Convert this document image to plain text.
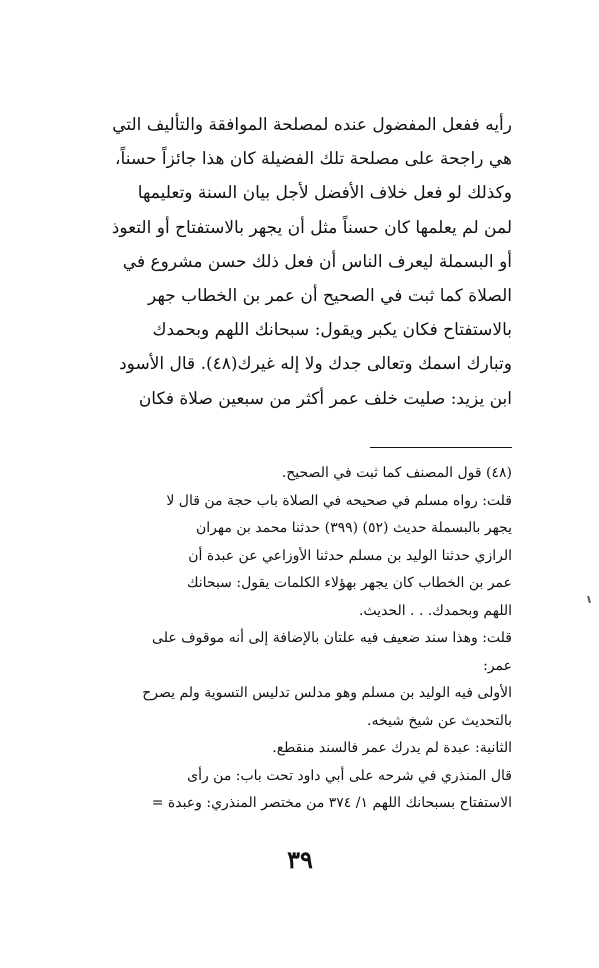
رأيه ففعل المفضول عنده لمصلحة الموافقة والتأليف التي
هي راجحة على مصلحة تلك الفضيلة كان هذا جائزاً حسناً،
وكذلك لو فعل خلاف الأفضل لأجل بيان السنة وتعليمها
لمن لم يعلمها كان حسناً مثل أن يجهر بالاستفتاح أو التعوذ
أو البسملة ليعرف الناس أن فعل ذلك حسن مشروع في
الصلاة كما ثبت في الصحيح أن عمر بن الخطاب جهر
بالاستفتاح فكان يكبر ويقول: سبحانك اللهم وبحمدك
وتبارك اسمك وتعالى جدك ولا إله غيرك(٤٨). قال الأسود
ابن يزيد: صليت خلف عمر أكثر من سبعين صلاة فكان
(٤٨) قول المصنف كما ثبت في الصحيح.
قلت: رواه مسلم في صحيحه في الصلاة باب حجة من قال لا
يجهر بالبسملة حديث (٥٢) (٣٩٩) حدثنا محمد بن مهران
الرازي حدثنا الوليد بن مسلم حدثنا الأوزاعي عن عبدة أن
عمر بن الخطاب كان يجهر بهؤلاء الكلمات يقول: سبحانك
اللهم وبحمدك. . . الحديث.
قلت: وهذا سند ضعيف فيه علتان بالإضافة إلى أنه موقوف على
عمر:
الأولى فيه الوليد بن مسلم وهو مدلس تدليس التسوية ولم يصرح
بالتحديث عن شيخ شيخه.
الثانية: عبدة لم يدرك عمر فالسند منقطع.
قال المنذري في شرحه على أبي داود تحت باب: من رأى
الاستفتاح بسبحانك اللهم ١/ ٣٧٤ من مختصر المنذري: وعبدة =
٣٩
